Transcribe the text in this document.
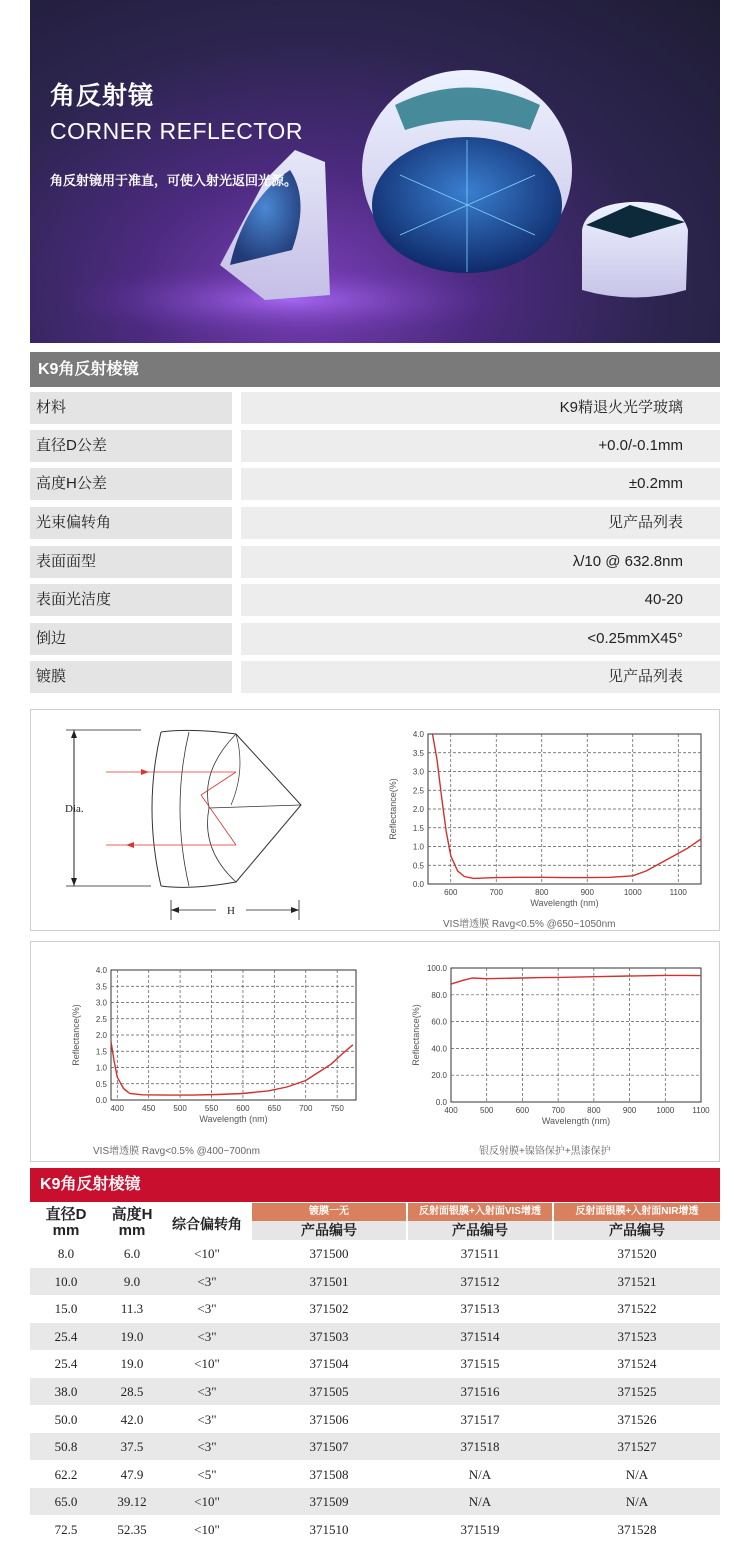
角反射镜
CORNER REFLECTOR
角反射镜用于准直，可使入射光返回光源。
K9角反射棱镜
材料	K9精退火光学玻璃
直径D公差	+0.0/-0.1mm
高度H公差	±0.2mm
光束偏转角	见产品列表
表面面型	λ/10 @ 632.8nm
表面光洁度	40-20
倒边	<0.25mmX45°
镀膜	见产品列表
Dia.
H
0.0
0.5
1.0
1.5
2.0
2.5
3.0
3.5
4.0
600	700	800	900	1000	1100
Wavelength (nm)
Reflectance(%)
VIS增透膜 Ravg<0.5% @650~1050nm
0.0
0.5
1.0
1.5
2.0
2.5
3.0
3.5
4.0
400 450 500 550 600 650 700 750
Wavelength (nm)
Reflectance(%)
0.0
20.0
40.0
60.0
80.0
100.0
400	500	600	700	800	900	1000 1100
Wavelength (nm)
Reflectance(%)
VIS增透膜 Ravg<0.5% @400~700nm	银反射膜+镍铬保护+黑漆保护
K9角反射棱镜
直径D
mm
高度H
mm	综合偏转角
镀膜一无	反射面银膜+入射面VIS增透	反射面银膜+入射面NIR增透
产品编号	产品编号	产品编号
8.0	6.0	<10"	371500	371511	371520
10.0	9.0	<3"	371501	371512	371521
15.0	11.3	<3"	371502	371513	371522
25.4	19.0	<3"	371503	371514	371523
25.4	19.0	<10"	371504	371515	371524
38.0	28.5	<3"	371505	371516	371525
50.0	42.0	<3"	371506	371517	371526
50.8	37.5	<3"	371507	371518	371527
62.2	47.9	<5"	371508	N/A	N/A
65.0	39.12	<10"	371509	N/A	N/A
72.5	52.35	<10"	371510	371519	371528
